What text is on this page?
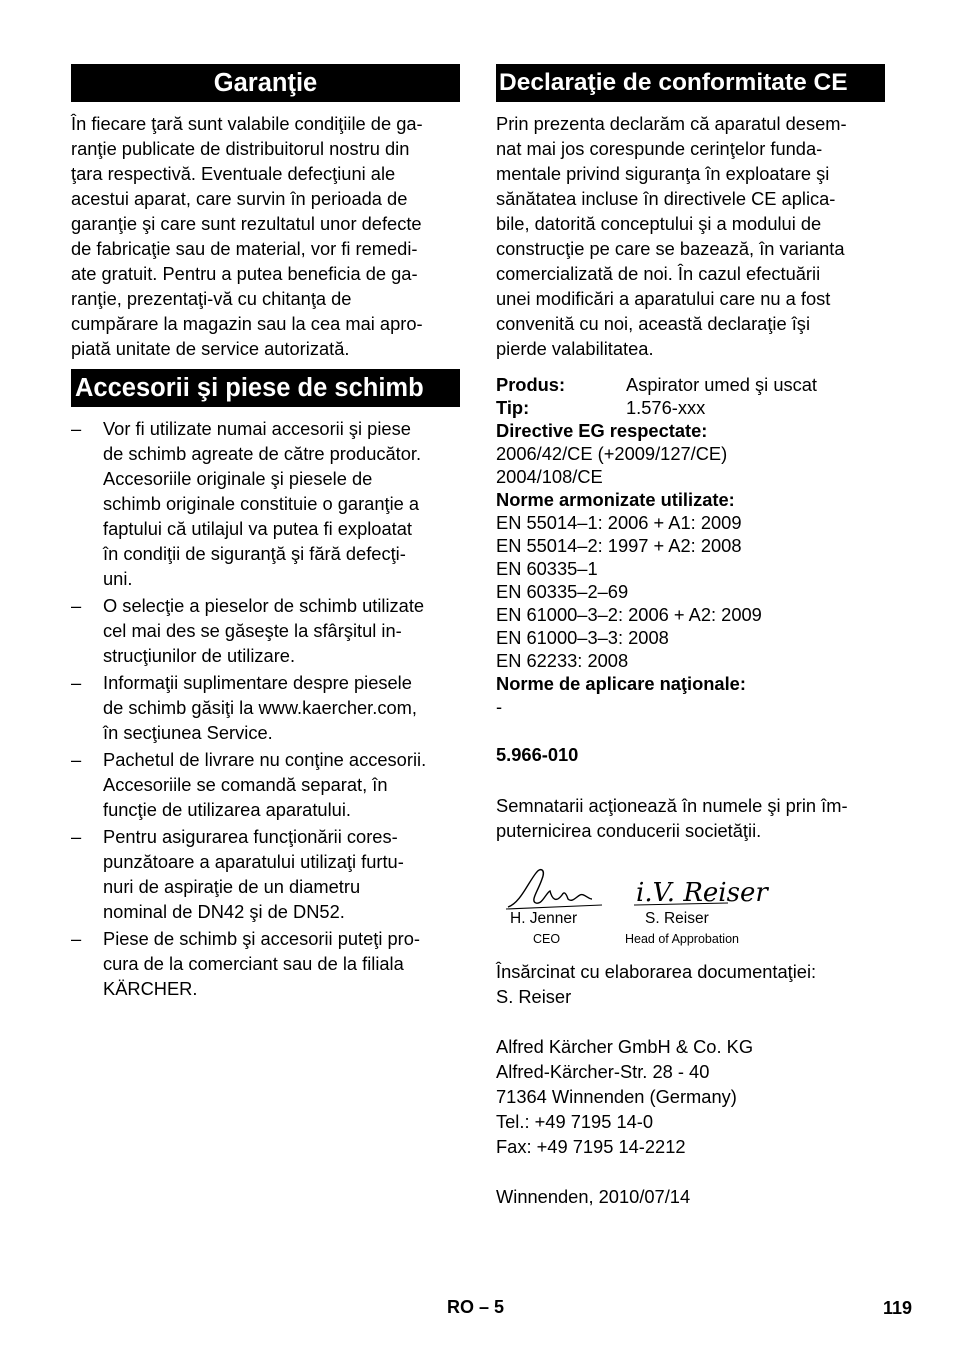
Garanţie

În fiecare ţară sunt valabile condiţiile de ga-
ranţie publicate de distribuitorul nostru din
ţara respectivă. Eventuale defecţiuni ale
acestui aparat, care survin în perioada de
garanţie şi care sunt rezultatul unor defecte
de fabricaţie sau de material, vor fi remedi-
ate gratuit. Pentru a putea beneficia de ga-
ranţie, prezentaţi-vă cu chitanţa de
cumpărare la magazin sau la cea mai apro-
piată unitate de service autorizată.

Accesorii şi piese de schimb
– Vor fi utilizate numai accesorii şi piese
de schimb agreate de către producător.
Accesoriile originale şi piesele de
schimb originale constituie o garanţie a
faptului că utilajul va putea fi exploatat
în condiţii de siguranţă şi fără defecţi-
uni.
– O selecţie a pieselor de schimb utilizate
cel mai des se găseşte la sfârşitul in-
strucţiunilor de utilizare.
– Informaţii suplimentare despre piesele
de schimb găsiţi la www.kaercher.com,
în secţiunea Service.
– Pachetul de livrare nu conţine accesorii.
Accesoriile se comandă separat, în
funcţie de utilizarea aparatului.
– Pentru asigurarea funcţionării cores-
punzătoare a aparatului utilizaţi furtu-
nuri de aspiraţie de un diametru
nominal de DN42 şi de DN52.
– Piese de schimb şi accesorii puteţi pro-
cura de la comerciant sau de la filiala
KÄRCHER.
Declaraţie de conformitate CE

Prin prezenta declarăm că aparatul desem-
nat mai jos corespunde cerinţelor funda-
mentale privind siguranţa în exploatare şi
sănătatea incluse în directivele CE aplica-
bile, datorită conceptului şi a modului de
construcţie pe care se bazează, în varianta
comercializată de noi. În cazul efectuării
unei modificări a aparatului care nu a fost
convenită cu noi, această declaraţie îşi
pierde valabilitatea.

Produs:	Aspirator umed şi uscat
Tip:	1.576-xxx
Directive EG respectate:
2006/42/CE (+2009/127/CE)
2004/108/CE
Norme armonizate utilizate:
EN 55014–1: 2006 + A1: 2009
EN 55014–2: 1997 + A2: 2008
EN 60335–1
EN 60335–2–69
EN 61000–3–2: 2006 + A2: 2009
EN 61000–3–3: 2008
EN 62233: 2008
Norme de aplicare naţionale:
-
5.966-010

Semnatarii acţionează în numele şi prin îm-
puternicirea conducerii societăţii.

i.V. Reiser
H. Jenner
CEO
S. Reiser
Head of Approbation

Însărcinat cu elaborarea documentaţiei:
S. Reiser

Alfred Kärcher GmbH & Co. KG
Alfred-Kärcher-Str. 28 - 40
71364 Winnenden (Germany)
Tel.: +49 7195 14-0
Fax: +49 7195 14-2212

Winnenden, 2010/07/14

RO – 5	119
